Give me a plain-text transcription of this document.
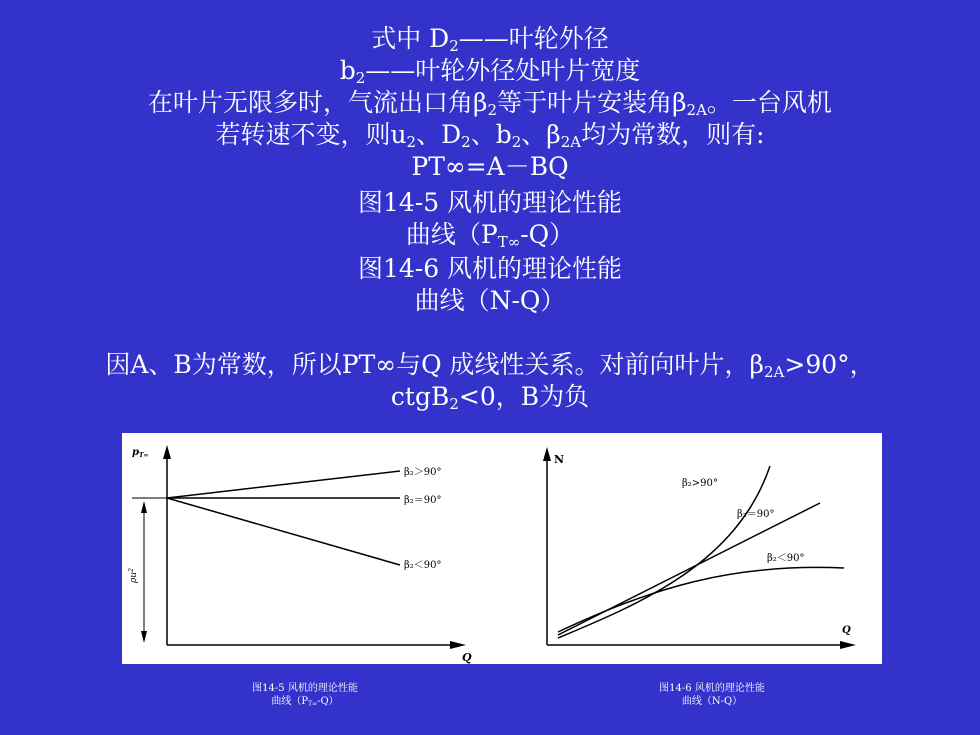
式中 $D_2——$叶轮外径
$b_2——$叶轮外径处叶片宽度
在叶片无限多时，气流出口角$\beta_2$等于叶片安装角$\beta_{2A}$。一台风机
若转速不变，则$u_2$、$D_2$、$b_2$、$\beta_{2A}$均为常数，则有:
PT∞=A－BQ
图14-5 风机的理论性能
曲线$(P_{T\infty}-Q)$
图14-6 风机的理论性能
曲线（N-Q）
因A、B为常数，所以PT∞与Q 成线性关系。对前向叶片，$\beta_{2A}>90^\circ$，
ctgB$_2$<0，B为负
$p_{T\infty}$
Q
$\rho u^2$
β₂＞90°
β₂＝90°
β₂＜90°
N
Q
β₂>90°
β₂＝90°
β₂＜90°
图14-5 风机的理论性能
曲线$(P_{T\infty}-Q)$
图14-6 风机的理论性能
曲线（N-Q）
